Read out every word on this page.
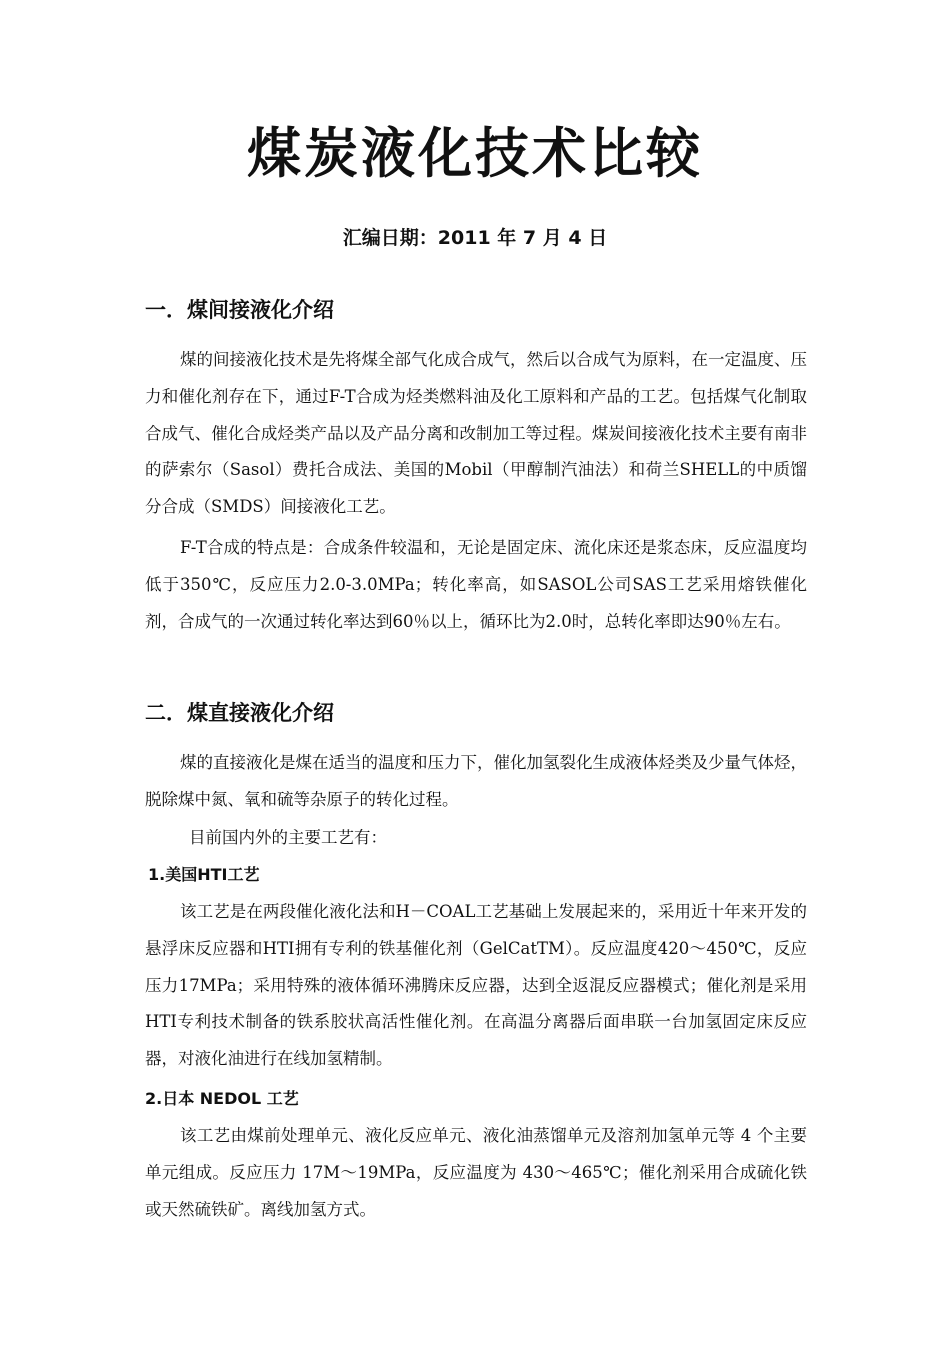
煤炭液化技术比较
汇编日期：2011 年 7 月 4 日
一．煤间接液化介绍
煤的间接液化技术是先将煤全部气化成合成气，然后以合成气为原料，在一定温度、压力和催化剂存在下，通过F-T合成为烃类燃料油及化工原料和产品的工艺。包括煤气化制取合成气、催化合成烃类产品以及产品分离和改制加工等过程。煤炭间接液化技术主要有南非的萨索尔（Sasol）费托合成法、美国的Mobil（甲醇制汽油法）和荷兰SHELL的中质馏分合成（SMDS）间接液化工艺。
F-T合成的特点是：合成条件较温和，无论是固定床、流化床还是浆态床，反应温度均低于350℃，反应压力2.0-3.0MPa；转化率高，如SASOL公司SAS工艺采用熔铁催化剂，合成气的一次通过转化率达到60％以上，循环比为2.0时，总转化率即达90％左右。
二．煤直接液化介绍
煤的直接液化是煤在适当的温度和压力下，催化加氢裂化生成液体烃类及少量气体烃，脱除煤中氮、氧和硫等杂原子的转化过程。
目前国内外的主要工艺有：
1.美国HTI工艺
该工艺是在两段催化液化法和H－COAL工艺基础上发展起来的，采用近十年来开发的悬浮床反应器和HTI拥有专利的铁基催化剂（GelCatTM）。反应温度420～450℃，反应压力17MPa；采用特殊的液体循环沸腾床反应器，达到全返混反应器模式；催化剂是采用HTI专利技术制备的铁系胶状高活性催化剂。在高温分离器后面串联一台加氢固定床反应器，对液化油进行在线加氢精制。
2.日本 NEDOL 工艺
该工艺由煤前处理单元、液化反应单元、液化油蒸馏单元及溶剂加氢单元等 4 个主要单元组成。反应压力 17M～19MPa，反应温度为 430～465℃；催化剂采用合成硫化铁或天然硫铁矿。离线加氢方式。
